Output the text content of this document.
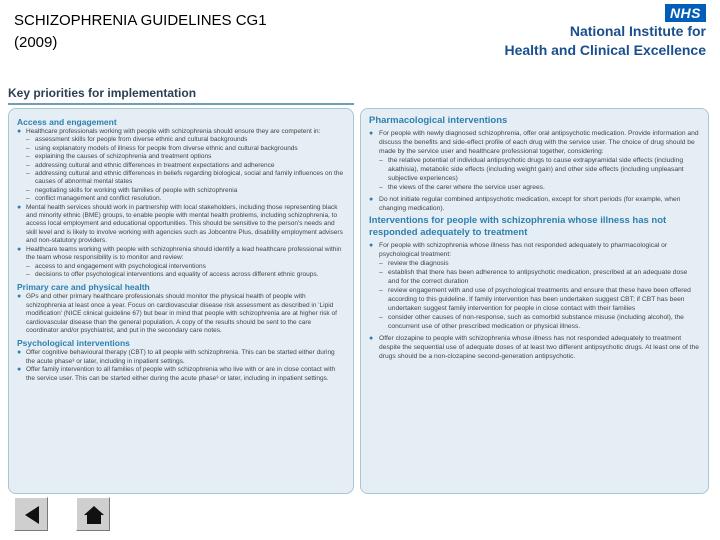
SCHIZOPHRENIA GUIDELINES CG1
(2009)
NHS
National Institute for
Health and Clinical Excellence
Key priorities for implementation
Access and engagement

● Healthcare professionals working with people with schizophrenia should ensure they are competent in:

– assessment skills for people from diverse ethnic and cultural backgrounds

– using explanatory models of illness for people from diverse ethnic and cultural backgrounds

– explaining the causes of schizophrenia and treatment options

– addressing cultural and ethnic differences in treatment expectations and adherence

– addressing cultural and ethnic differences in beliefs regarding biological, social and family influences on the causes of abnormal mental states

– negotiating skills for working with families of people with schizophrenia

– conflict management and conflict resolution.

● Mental health services should work in partnership with local stakeholders, including those representing black and minority ethnic (BME) groups, to enable people with mental health problems, including schizophrenia, to access local employment and educational opportunities. This should be sensitive to the person's needs and skill level and is likely to involve working with agencies such as Jobcentre Plus, disability employment advisers and non-statutory providers.

● Healthcare teams working with people with schizophrenia should identify a lead healthcare professional within the team whose responsibility is to monitor and review:

– access to and engagement with psychological interventions

– decisions to offer psychological interventions and equality of access across different ethnic groups.

Primary care and physical health

● GPs and other primary healthcare professionals should monitor the physical health of people with schizophrenia at least once a year. Focus on cardiovascular disease risk assessment as described in 'Lipid modification' (NICE clinical guideline 67) but bear in mind that people with schizophrenia are at higher risk of cardiovascular disease than the general population. A copy of the results should be sent to the care coordinator and/or psychiatrist, and put in the secondary care notes.

Psychological interventions

● Offer cognitive behavioural therapy (CBT) to all people with schizophrenia. This can be started either during the acute phase³ or later, including in inpatient settings.

● Offer family intervention to all families of people with schizophrenia who live with or are in close contact with the service user. This can be started either during the acute phase³ or later, including in inpatient settings.

Pharmacological interventions

● For people with newly diagnosed schizophrenia, offer oral antipsychotic medication. Provide information and discuss the benefits and side-effect profile of each drug with the service user. The choice of drug should be made by the service user and healthcare professional together, considering:

– the relative potential of individual antipsychotic drugs to cause extrapyramidal side effects (including akathisia), metabolic side effects (including weight gain) and other side effects (including unpleasant subjective experiences)

– the views of the carer where the service user agrees.

● Do not initiate regular combined antipsychotic medication, except for short periods (for example, when changing medication).

Interventions for people with schizophrenia whose illness has not responded adequately to treatment

● For people with schizophrenia whose illness has not responded adequately to pharmacological or psychological treatment:

– review the diagnosis

– establish that there has been adherence to antipsychotic medication, prescribed at an adequate dose and for the correct duration

– review engagement with and use of psychological treatments and ensure that these have been offered according to this guideline. If family intervention has been undertaken suggest CBT; if CBT has been undertaken suggest family intervention for people in close contact with their families

– consider other causes of non-response, such as comorbid substance misuse (including alcohol), the concurrent use of other prescribed medication or physical illness.

● Offer clozapine to people with schizophrenia whose illness has not responded adequately to treatment despite the sequential use of adequate doses of at least two different antipsychotic drugs. At least one of the drugs should be a non-clozapine second-generation antipsychotic.
